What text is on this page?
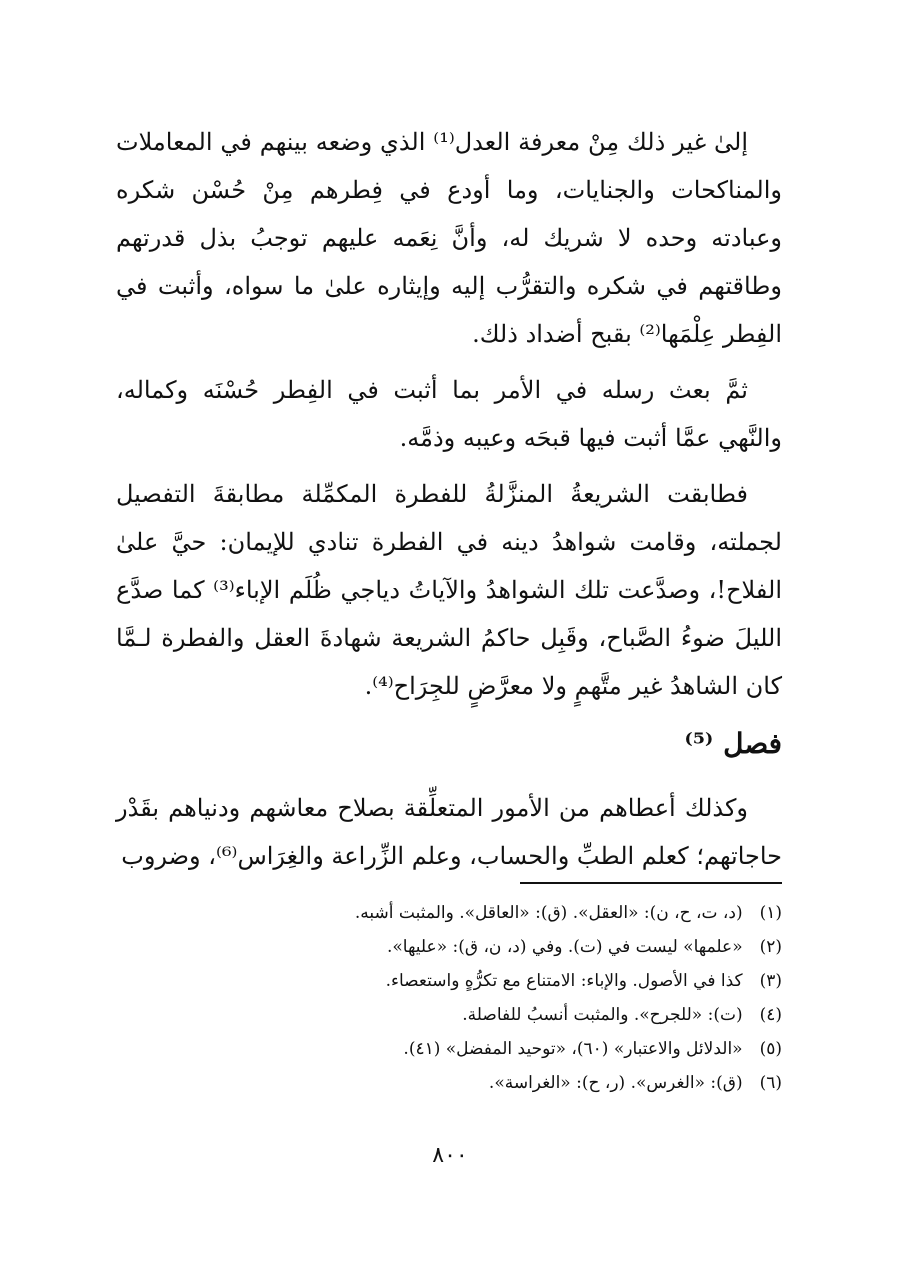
إلىٰ غير ذلك مِنْ معرفة العدل⁽¹⁾ الذي وضعه بينهم في المعاملات والمناكحات والجنايات، وما أودع في فِطرهم مِنْ حُسْن شكره وعبادته وحده لا شريك له، وأنَّ نِعَمه عليهم توجبُ بذل قدرتهم وطاقتهم في شكره والتقرُّب إليه وإيثاره علىٰ ما سواه، وأثبت في الفِطر عِلْمَها⁽²⁾ بقبح أضداد ذلك.

ثمَّ بعث رسله في الأمر بما أثبت في الفِطر حُسْنَه وكماله، والنَّهي عمَّا أثبت فيها قبحَه وعيبه وذمَّه.

فطابقت الشريعةُ المنزَّلةُ للفطرة المكمِّلة مطابقةَ التفصيل لجملته، وقامت شواهدُ دينه في الفطرة تنادي للإيمان: حيَّ علىٰ الفلاح!، وصدَّعت تلك الشواهدُ والآياتُ دياجي ظُلَم الإباء⁽³⁾ كما صدَّع الليلَ ضوءُ الصَّباح، وقَبِل حاكمُ الشريعة شهادةَ العقل والفطرة لـمَّا كان الشاهدُ غير متَّهمٍ ولا معرَّضٍ للجِرَاح⁽⁴⁾.

فصل ⁽⁵⁾

وكذلك أعطاهم من الأمور المتعلِّقة بصلاح معاشهم ودنياهم بقَدْر حاجاتهم؛ كعلم الطبِّ والحساب، وعلم الزِّراعة والغِرَاس⁽⁶⁾، وضروب

(١) (د، ت، ح، ن): «العقل». (ق): «العاقل». والمثبت أشبه.
(٢) «علمها» ليست في (ت). وفي (د، ن، ق): «عليها».
(٣) كذا في الأصول. والإباء: الامتناع مع تكرُّهٍ واستعصاء.
(٤) (ت): «للجرح». والمثبت أنسبُ للفاصلة.
(٥) «الدلائل والاعتبار» (٦٠)، «توحيد المفضل» (٤١).
(٦) (ق): «الغرس». (ر، ح): «الغراسة».
٨٠٠
